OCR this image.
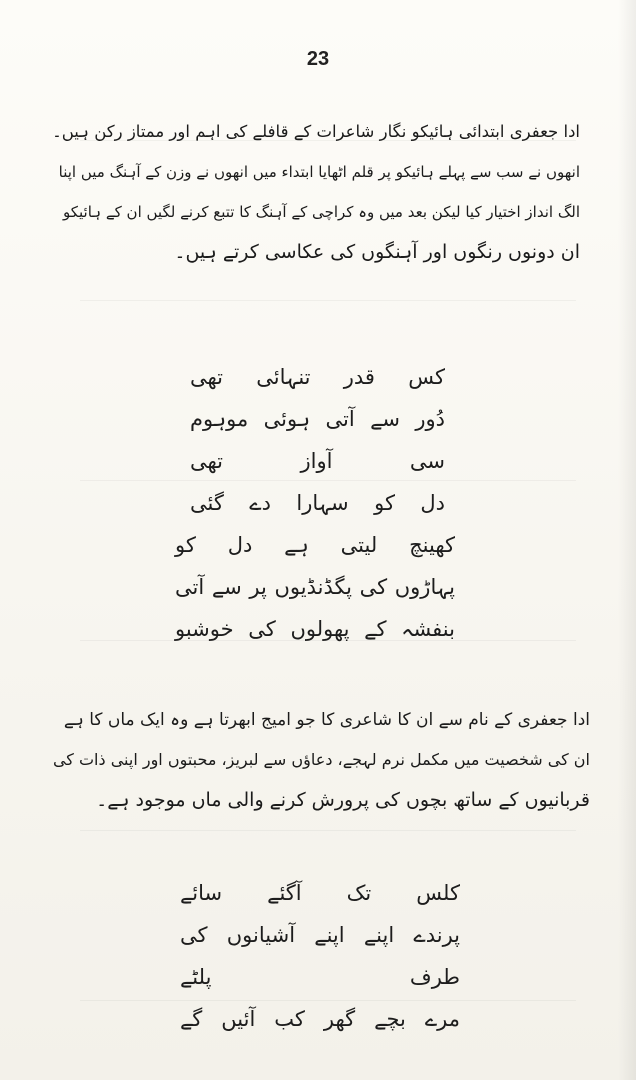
23

ادا جعفری ابتدائی ہائیکو نگار شاعرات کے قافلے کی اہم اور ممتاز رکن ہیں۔

انھوں نے سب سے پہلے ہائیکو پر قلم اٹھایا ابتداء میں انھوں نے وزن کے آہنگ میں اپنا

الگ انداز اختیار کیا لیکن بعد میں وہ کراچی کے آہنگ کا تتبع کرنے لگیں ان کے ہائیکو

ان دونوں رنگوں اور آہنگوں کی عکاسی کرتے ہیں۔

کس قدر تنہائی تھی

دُور سے آتی ہوئی موہوم سی آواز تھی

دل کو سہارا دے گئی

کھینچ لیتی ہے دل کو

پہاڑوں کی پگڈنڈیوں پر سے آتی

بنفشہ کے پھولوں کی خوشبو

ادا جعفری کے نام سے ان کا شاعری کا جو امیج ابھرتا ہے وہ ایک ماں کا ہے

ان کی شخصیت میں مکمل نرم لہجے، دعاؤں سے لبریز، محبتوں اور اپنی ذات کی

قربانیوں کے ساتھ بچوں کی پرورش کرنے والی ماں موجود ہے۔

کلس تک آگئے سائے

پرندے اپنے اپنے آشیانوں کی طرف پلٹے

مرے بچے گھر کب آئیں گے
